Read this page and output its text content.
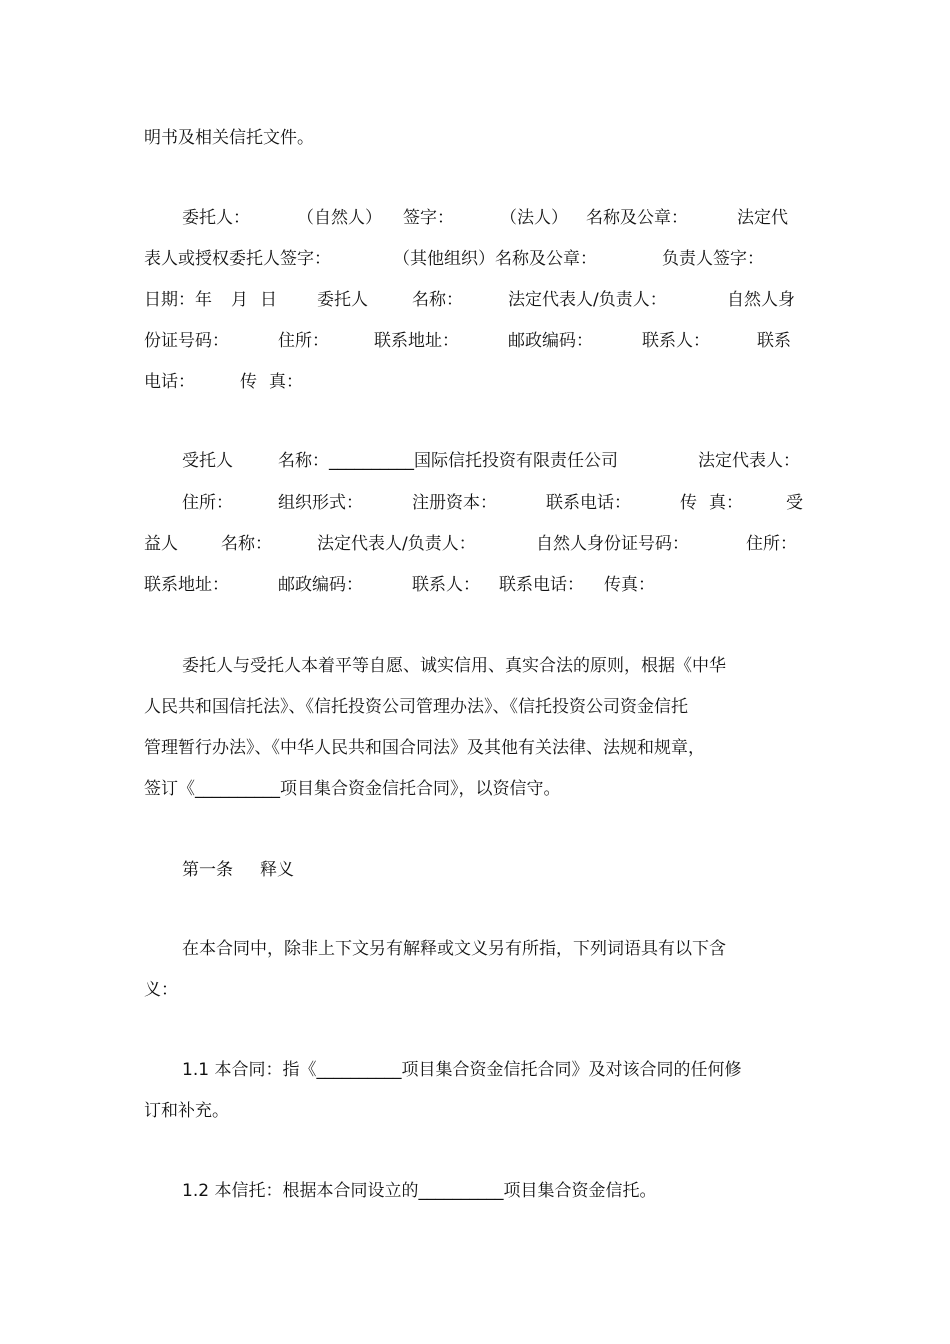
明书及相关信托文件。
委托人：	（自然人） 签字：	（法人） 名称及公章：	法定代
表人或授权委托人签字：	（其他组织）名称及公章：	负责人签字：
日期：年 月 日 委托人	名称：	法定代表人/负责人：	自然人身
份证号码：	住所：	联系地址：	邮政编码：	联系人：	联系
电话：	传 真：
受托人	名称：__________国际信托投资有限责任公司	法定代表人：
住所：	组织形式：	注册资本：	联系电话：	传 真：	受
益人	名称：	法定代表人/负责人：	自然人身份证号码：	住所：
联系地址：	邮政编码：	联系人： 联系电话： 传真：
委托人与受托人本着平等自愿、诚实信用、真实合法的原则，根据《中华
人民共和国信托法》、《信托投资公司管理办法》、《信托投资公司资金信托
管理暂行办法》、《中华人民共和国合同法》及其他有关法律、法规和规章，
签订《__________项目集合资金信托合同》，以资信守。
第一条 释义
在本合同中，除非上下文另有解释或文义另有所指，下列词语具有以下含
义：
1.1 本合同：指《__________项目集合资金信托合同》及对该合同的任何修
订和补充。
1.2 本信托：根据本合同设立的__________项目集合资金信托。
